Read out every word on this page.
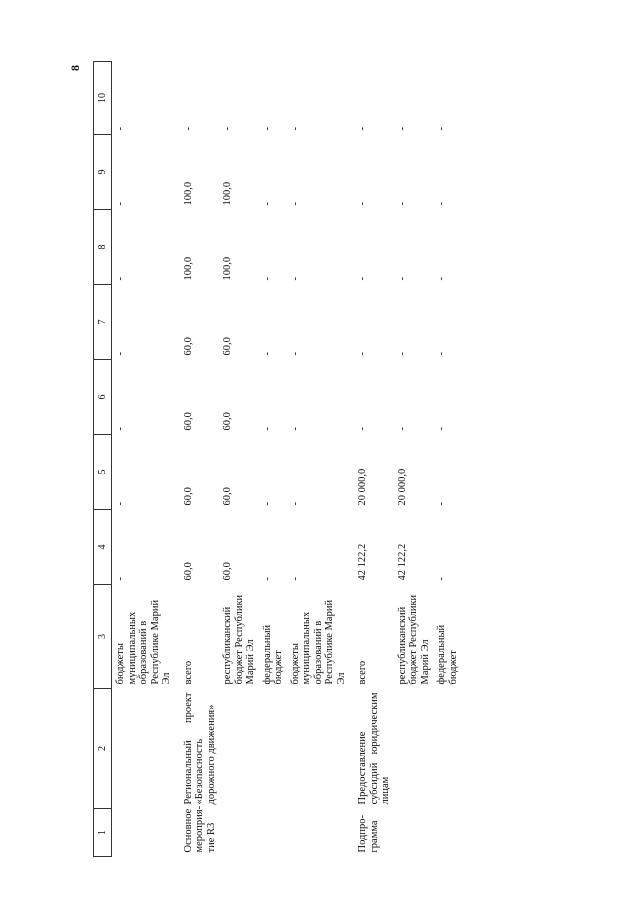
8
1	2	3	4	5	6	7	8	9	10

	бюджеты муниципальных образований в Республике Марий Эл	-	-	-	-	-	-	-
Основное мероприя-тие R3	Региональный проект «Безопасность дорожного движения»	всего	60,0	60,0	60,0	60,0	100,0	100,0	-

	республиканский бюджет Республики Марий Эл	60,0	60,0	60,0	60,0	100,0	100,0	-

	федеральный бюджет	-	-	-	-	-	-	-

	бюджеты муниципальных образований в Республике Марий Эл	-	-	-	-	-	-	-
Подпро-грамма	Предоставление субсидий юридическим лицам	всего	42 122,2	20 000,0	-	-	-	-	-

	республиканский бюджет Республики Марий Эл	42 122,2	20 000,0	-	-	-	-	-

	федеральный бюджет	-	-	-	-	-	-	-
